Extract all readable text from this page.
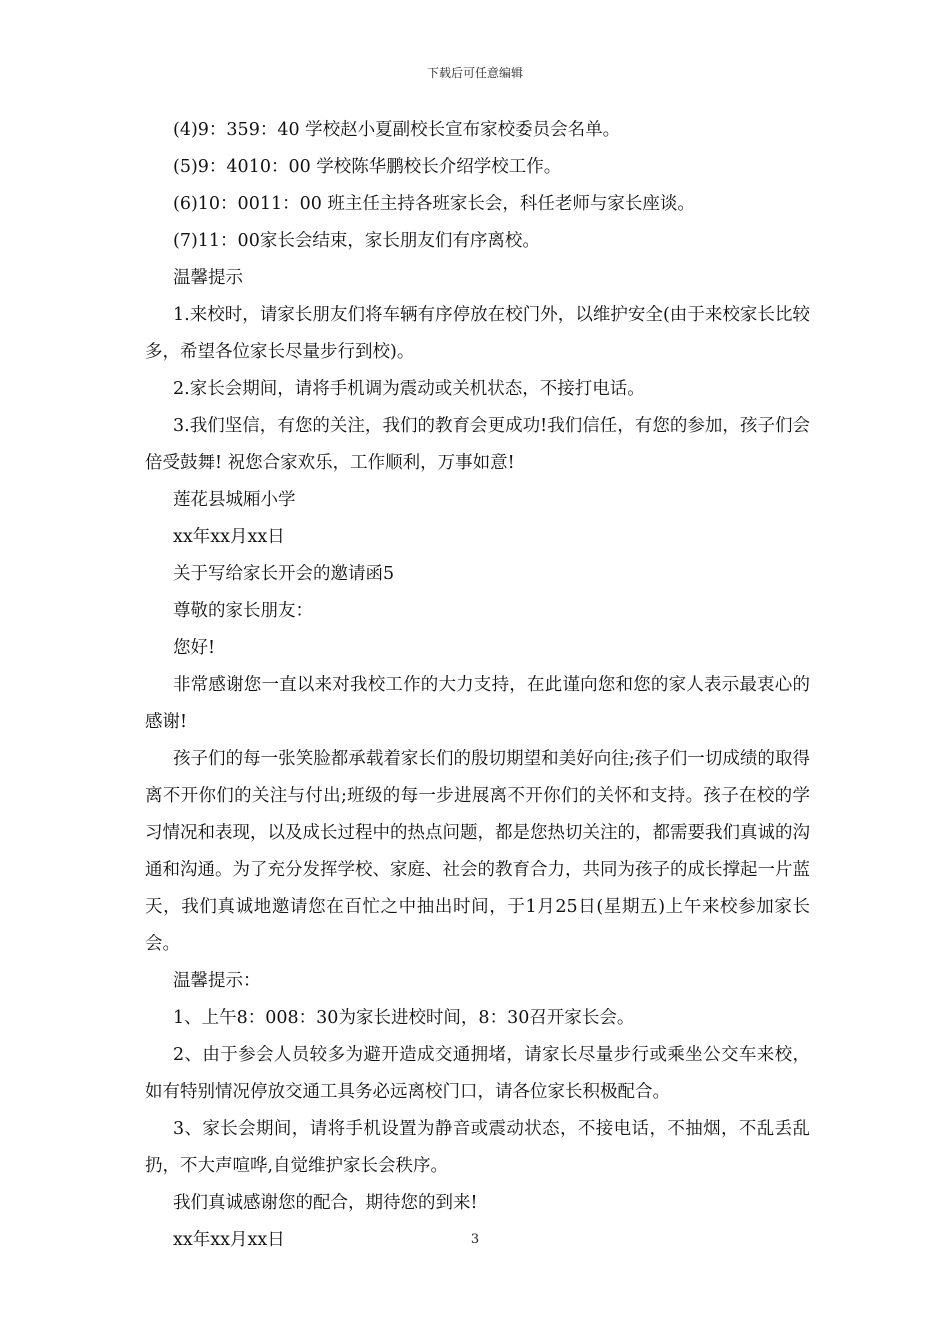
下载后可任意编辑

(4)9：359：40 学校赵小夏副校长宣布家校委员会名单。

(5)9：4010：00 学校陈华鹏校长介绍学校工作。

(6)10：0011：00 班主任主持各班家长会，科任老师与家长座谈。

(7)11：00家长会结束，家长朋友们有序离校。

温馨提示

1.来校时，请家长朋友们将车辆有序停放在校门外，以维护安全(由于来校家长比较多，希望各位家长尽量步行到校)。

2.家长会期间，请将手机调为震动或关机状态，不接打电话。

3.我们坚信，有您的关注，我们的教育会更成功!我们信任，有您的参加，孩子们会倍受鼓舞! 祝您合家欢乐，工作顺利，万事如意!

莲花县城厢小学

xx年xx月xx日

关于写给家长开会的邀请函5

尊敬的家长朋友：

您好!

非常感谢您一直以来对我校工作的大力支持，在此谨向您和您的家人表示最衷心的感谢!

孩子们的每一张笑脸都承载着家长们的殷切期望和美好向往;孩子们一切成绩的取得离不开你们的关注与付出;班级的每一步进展离不开你们的关怀和支持。孩子在校的学习情况和表现，以及成长过程中的热点问题，都是您热切关注的，都需要我们真诚的沟通和沟通。为了充分发挥学校、家庭、社会的教育合力，共同为孩子的成长撑起一片蓝天，我们真诚地邀请您在百忙之中抽出时间，于1月25日(星期五)上午来校参加家长会。

温馨提示：

1、上午8：008：30为家长进校时间，8：30召开家长会。

2、由于参会人员较多为避开造成交通拥堵，请家长尽量步行或乘坐公交车来校，如有特别情况停放交通工具务必远离校门口，请各位家长积极配合。

3、家长会期间，请将手机设置为静音或震动状态，不接电话，不抽烟，不乱丢乱扔，不大声喧哗,自觉维护家长会秩序。

我们真诚感谢您的配合，期待您的到来!

xx年xx月xx日	3
